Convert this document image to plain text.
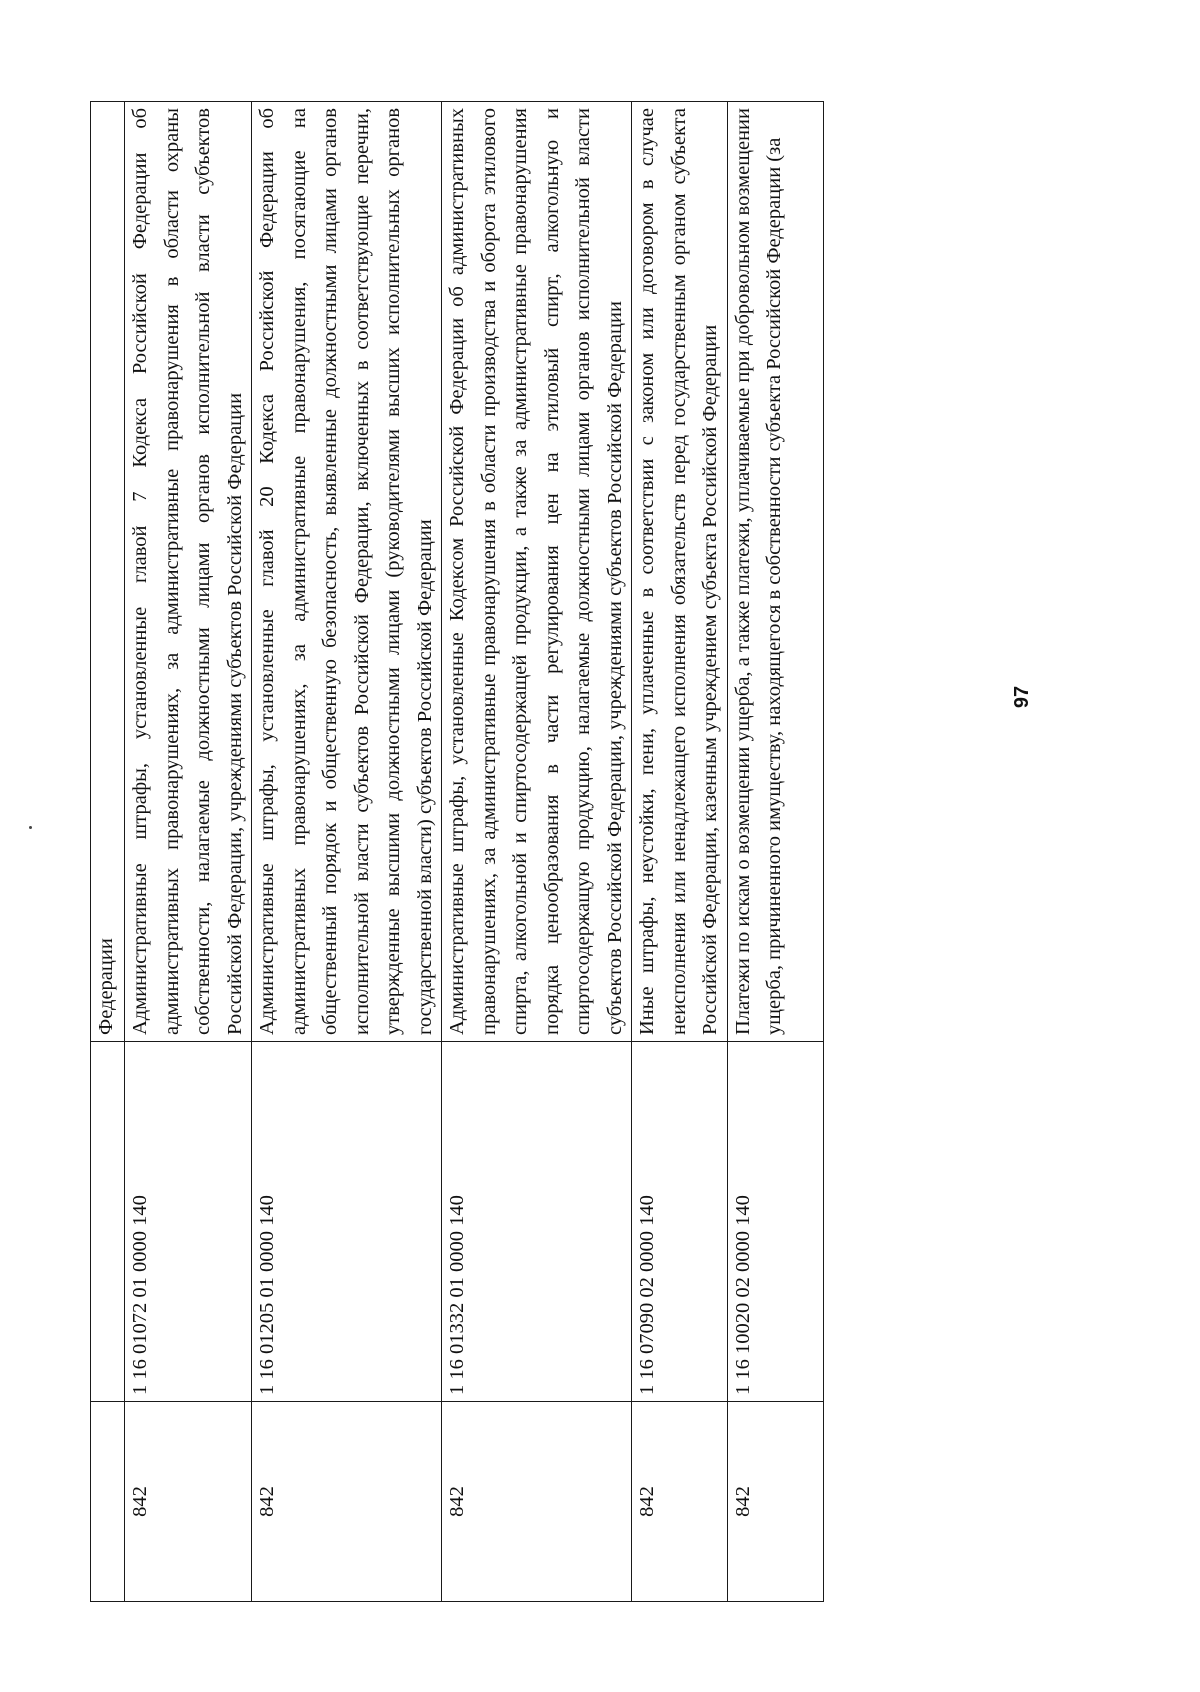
		Федерации
842	1 16 01072 01 0000 140	Административные штрафы, установленные главой 7 Кодекса Российской Федерации об административных правонарушениях, за административные правонарушения в области охраны собственности, налагаемые должностными лицами органов исполнительной власти субъектов Российской Федерации, учреждениями субъектов Российской Федерации
842	1 16 01205 01 0000 140	Административные штрафы, установленные главой 20 Кодекса Российской Федерации об административных правонарушениях, за административные правонарушения, посягающие на общественный порядок и общественную безопасность, выявленные должностными лицами органов исполнительной власти субъектов Российской Федерации, включенных в соответствующие перечни, утвержденные высшими должностными лицами (руководителями высших исполнительных органов государственной власти) субъектов Российской Федерации
842	1 16 01332 01 0000 140	Административные штрафы, установленные Кодексом Российской Федерации об административных правонарушениях, за административные правонарушения в области производства и оборота этилового спирта, алкогольной и спиртосодержащей продукции, а также за административные правонарушения порядка ценообразования в части регулирования цен на этиловый спирт, алкогольную и спиртосодержащую продукцию, налагаемые должностными лицами органов исполнительной власти субъектов Российской Федерации, учреждениями субъектов Российской Федерации
842	1 16 07090 02 0000 140	Иные штрафы, неустойки, пени, уплаченные в соответствии с законом или договором в случае неисполнения или ненадлежащего исполнения обязательств перед государственным органом субъекта Российской Федерации, казенным учреждением субъекта Российской Федерации
842	1 16 10020 02 0000 140	Платежи по искам о возмещении ущерба, а также платежи, уплачиваемые при добровольном возмещении ущерба, причиненного имуществу, находящегося в собственности субъекта Российской Федерации (за	97
